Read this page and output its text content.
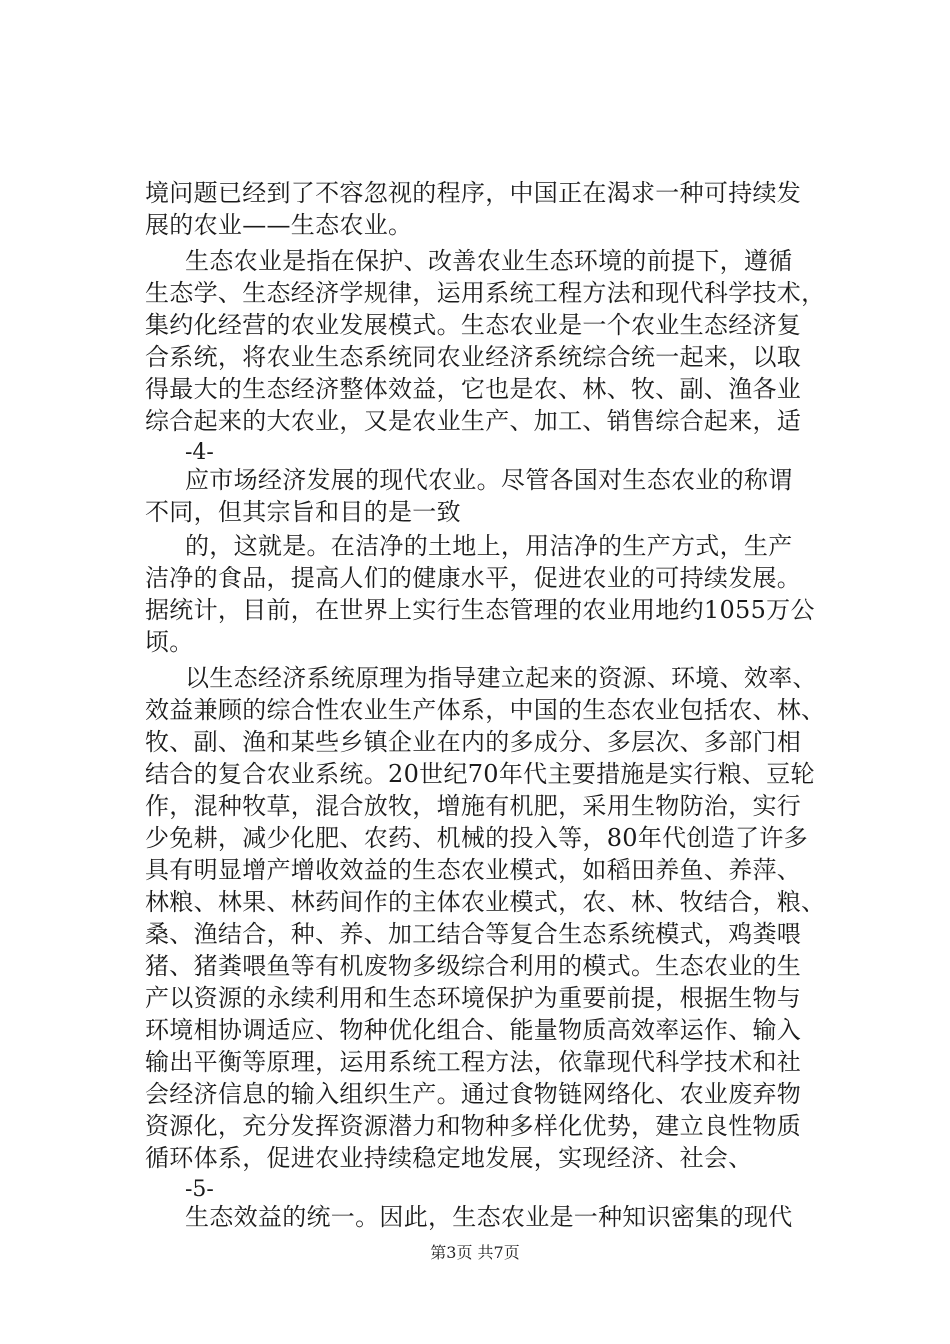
境问题已经到了不容忽视的程序，中国正在渴求一种可持续发
展的农业——生态农业。
生态农业是指在保护、改善农业生态环境的前提下，遵循
生态学、生态经济学规律，运用系统工程方法和现代科学技术，
集约化经营的农业发展模式。生态农业是一个农业生态经济复
合系统，将农业生态系统同农业经济系统综合统一起来，以取
得最大的生态经济整体效益，它也是农、林、牧、副、渔各业
综合起来的大农业，又是农业生产、加工、销售综合起来，适
-4-
应市场经济发展的现代农业。尽管各国对生态农业的称谓
不同，但其宗旨和目的是一致
的，这就是。在洁净的土地上，用洁净的生产方式，生产
洁净的食品，提高人们的健康水平，促进农业的可持续发展。
据统计，目前，在世界上实行生态管理的农业用地约1055万公
顷。
以生态经济系统原理为指导建立起来的资源、环境、效率、
效益兼顾的综合性农业生产体系，中国的生态农业包括农、林、
牧、副、渔和某些乡镇企业在内的多成分、多层次、多部门相
结合的复合农业系统。20世纪70年代主要措施是实行粮、豆轮
作，混种牧草，混合放牧，增施有机肥，采用生物防治，实行
少免耕，减少化肥、农药、机械的投入等，80年代创造了许多
具有明显增产增收效益的生态农业模式，如稻田养鱼、养萍、
林粮、林果、林药间作的主体农业模式，农、林、牧结合，粮、
桑、渔结合，种、养、加工结合等复合生态系统模式，鸡粪喂
猪、猪粪喂鱼等有机废物多级综合利用的模式。生态农业的生
产以资源的永续利用和生态环境保护为重要前提，根据生物与
环境相协调适应、物种优化组合、能量物质高效率运作、输入
输出平衡等原理，运用系统工程方法，依靠现代科学技术和社
会经济信息的输入组织生产。通过食物链网络化、农业废弃物
资源化，充分发挥资源潜力和物种多样化优势，建立良性物质
循环体系，促进农业持续稳定地发展，实现经济、社会、
-5-
生态效益的统一。因此，生态农业是一种知识密集的现代
第3页 共7页
